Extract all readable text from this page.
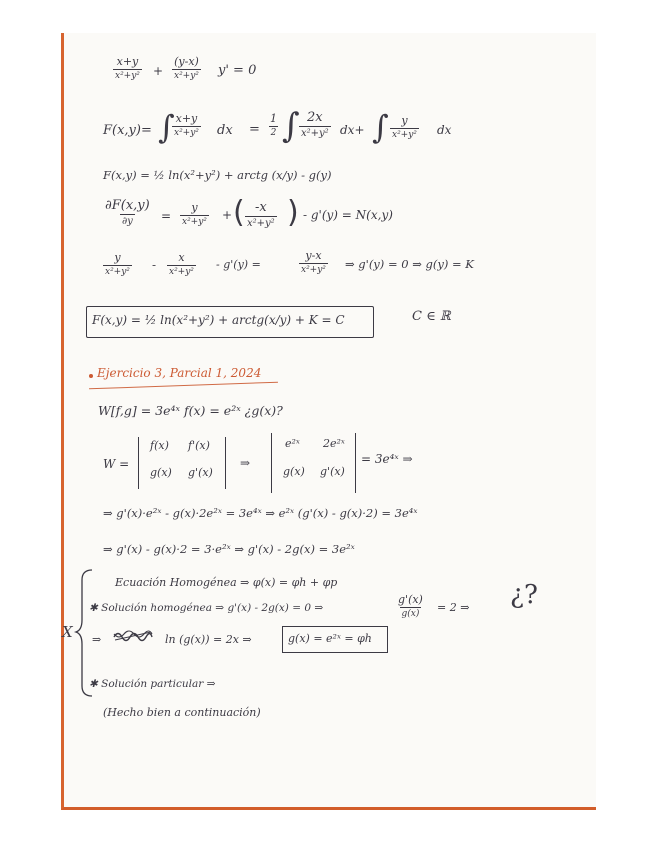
x+y
x²+y² +
(y-x)
x²+y² y' = 0
F(x,y)= ∫ x+y
x²+y² dx =
1
2 ∫ 2x
x²+y² dx+ ∫ y
x²+y² dx
F(x,y) = ½ ln(x²+y²) + arctg (x/y) - g(y)
∂F(x,y)
∂y =
y
x²+y² + ( -x
x²+y² ) - g'(y) = N(x,y)
y
x²+y² -
x
x²+y²
- g'(y) =
y-x
x²+y² ⇒ g'(y) = 0 ⇒ g(y) = K
F(x,y) = ½ ln(x²+y²) + arctg(x/y) + K = C	C ∈ ℝ
Ejercicio 3, Parcial 1, 2024
W[f,g] = 3e⁴ˣ f(x) = e²ˣ ¿g(x)?
W =
f(x) f'(x)
g(x) g'(x)
⇒
e²ˣ 2e²ˣ
g(x) g'(x)
= 3e⁴ˣ ⇒
⇒ g'(x)·e²ˣ - g(x)·2e²ˣ = 3e⁴ˣ ⇒ e²ˣ (g'(x) - g(x)·2) = 3e⁴ˣ
⇒ g'(x) - g(x)·2 = 3·e²ˣ ⇒ g'(x) - 2g(x) = 3e²ˣ
X
Ecuación Homogénea ⇒ φ(x) = φh + φp
✱ Solución homogénea ⇒ g'(x) - 2g(x) = 0 ⇒
g'(x)
g(x) = 2 ⇒ ¿?
⇒	ln (g(x)) = 2x ⇒	g(x) = e²ˣ = φh
✱ Solución particular ⇒
(Hecho bien a continuación)
